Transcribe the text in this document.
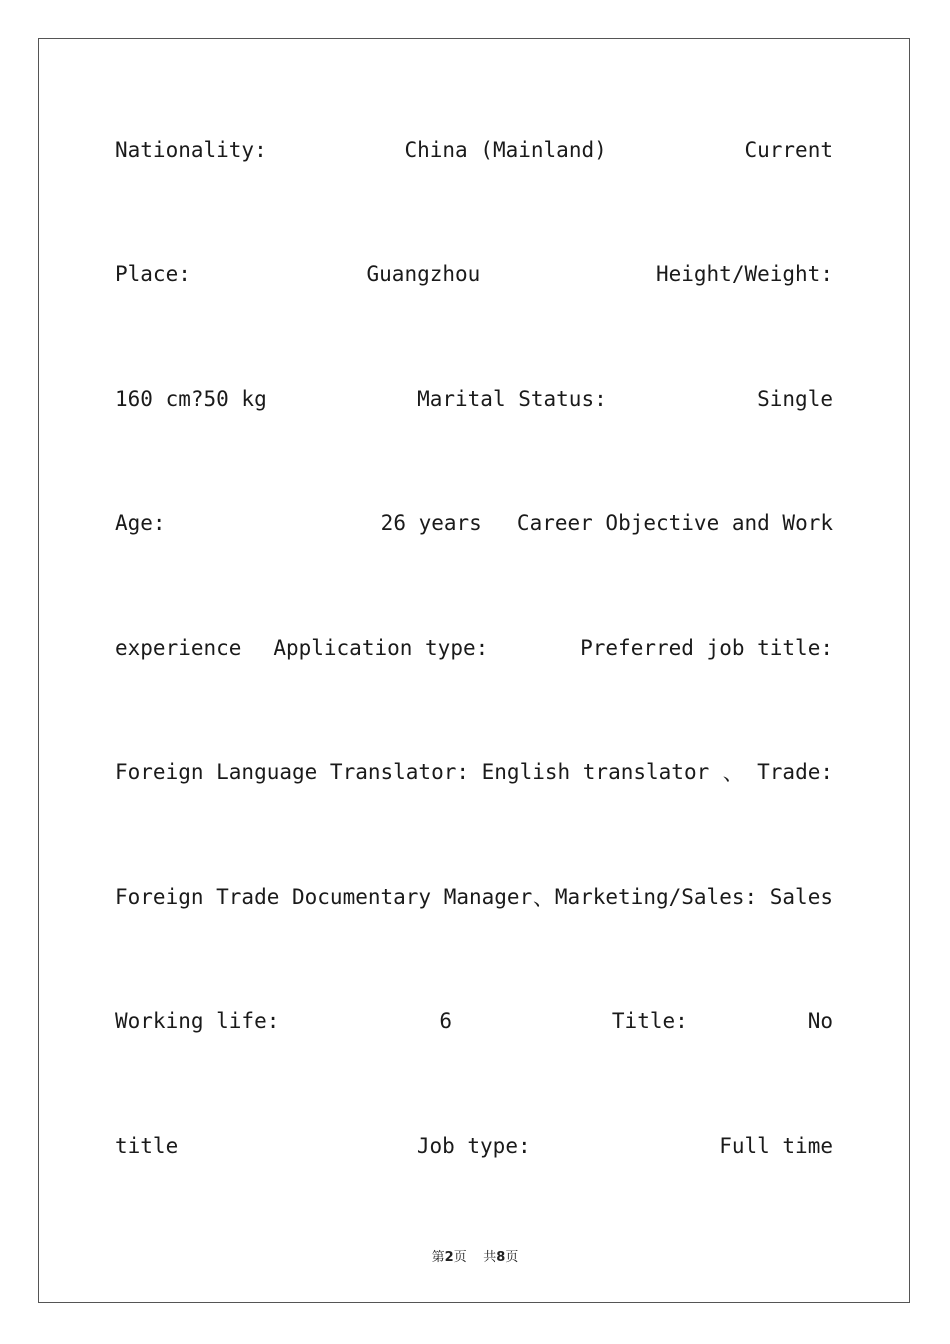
Nationality:	China (Mainland)	Current
Place:	Guangzhou	Height/Weight:
160 cm?50 kg	Marital Status:	Single
Age:	26 years Career Objective and Work
experience Application type:	Preferred job title:
Foreign Language Translator: English translator 、 Trade:
Foreign Trade Documentary Manager 、 Marketing/Sales: Sales
Working life:	6	Title:	No
title	Job type:	Full time
第2页 共8页
